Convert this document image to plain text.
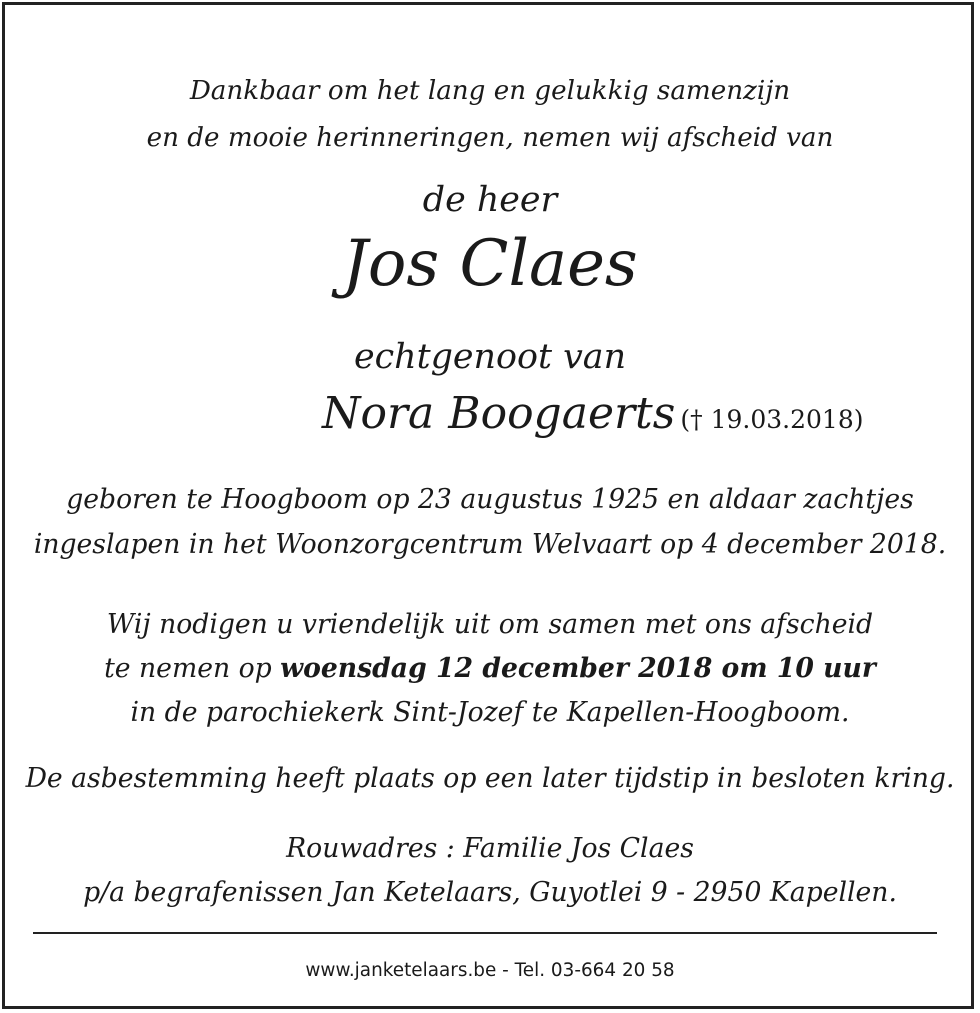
Dankbaar om het lang en gelukkig samenzijn
en de mooie herinneringen, nemen wij afscheid van
de heer
Jos Claes
echtgenoot van
Nora Boogaerts († 19.03.2018)
geboren te Hoogboom op 23 augustus 1925 en aldaar zachtjes
ingeslapen in het Woonzorgcentrum Welvaart op 4 december 2018.
Wij nodigen u vriendelijk uit om samen met ons afscheid
te nemen op woensdag 12 december 2018 om 10 uur
in de parochiekerk Sint-Jozef te Kapellen-Hoogboom.
De asbestemming heeft plaats op een later tijdstip in besloten kring.
Rouwadres : Familie Jos Claes
p/a begrafenissen Jan Ketelaars, Guyotlei 9 - 2950 Kapellen.
www.janketelaars.be - Tel. 03-664 20 58
